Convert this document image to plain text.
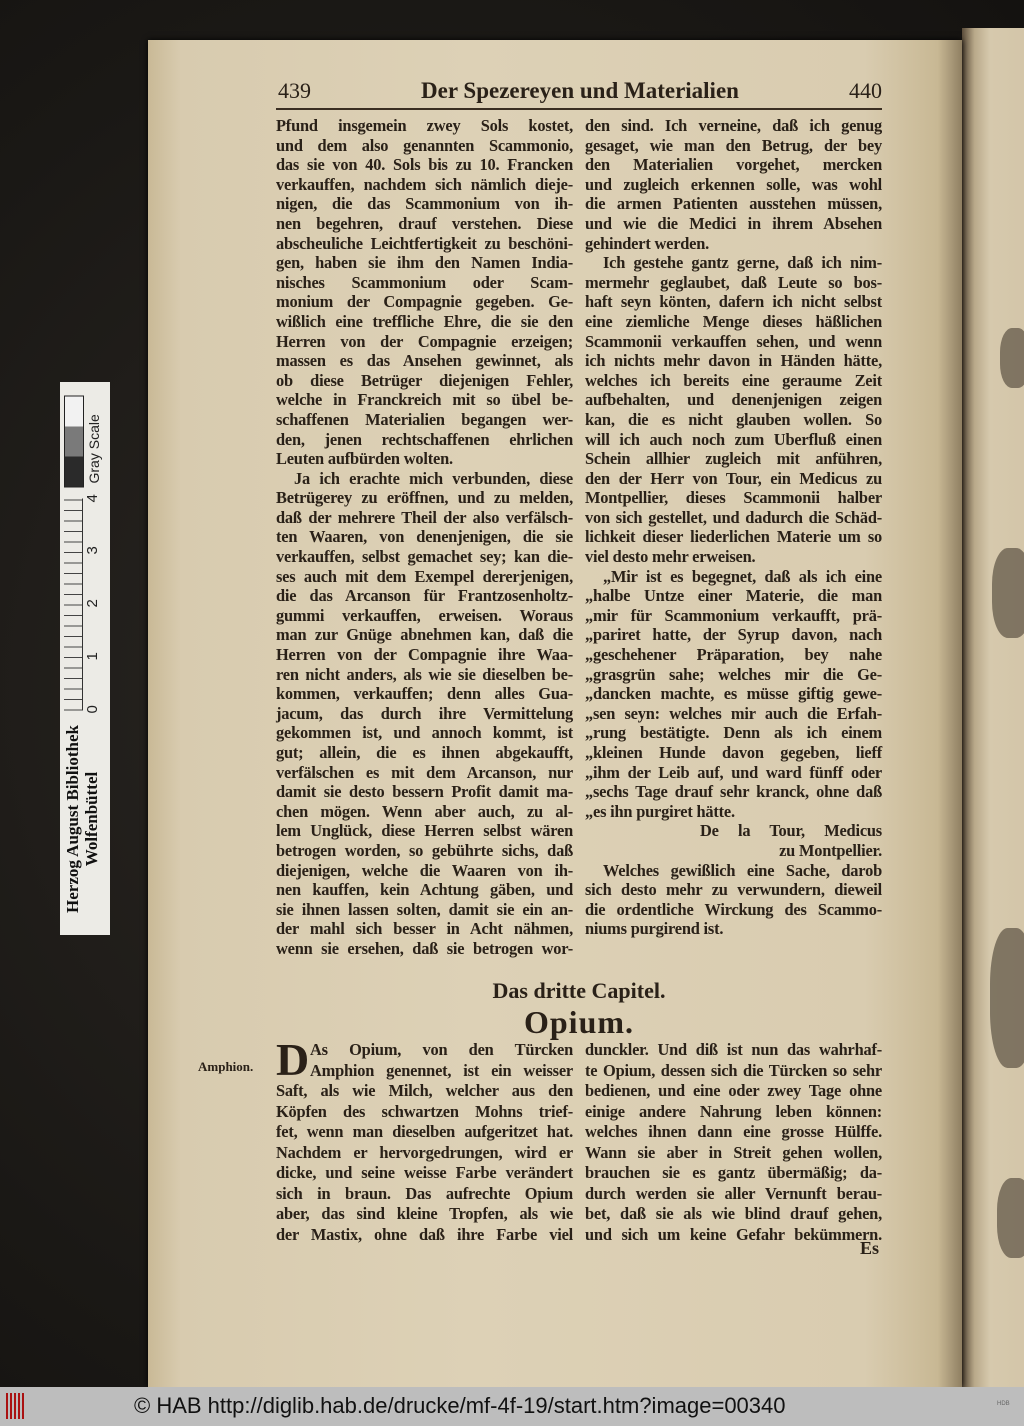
439	Der Spezereyen und Materialien	440
Pfund insgemein zwey Sols kostet,
und dem also genannten Scammonio,
das sie von 40. Sols bis zu 10. Francken
verkauffen, nachdem sich nämlich dieje-
nigen, die das Scammonium von ih-
nen begehren, drauf verstehen. Diese
abscheuliche Leichtfertigkeit zu beschöni-
gen, haben sie ihm den Namen India-
nisches Scammonium oder Scam-
monium der Compagnie gegeben. Ge-
wißlich eine treffliche Ehre, die sie den
Herren von der Compagnie erzeigen;
massen es das Ansehen gewinnet, als
ob diese Betrüger diejenigen Fehler,
welche in Franckreich mit so übel be-
schaffenen Materialien begangen wer-
den, jenen rechtschaffenen ehrlichen
Leuten aufbürden wolten.
Ja ich erachte mich verbunden, diese
Betrügerey zu eröffnen, und zu melden,
daß der mehrere Theil der also verfälsch-
ten Waaren, von denenjenigen, die sie
verkauffen, selbst gemachet sey; kan die-
ses auch mit dem Exempel dererjenigen,
die das Arcanson für Frantzosenholtz-
gummi verkauffen, erweisen. Woraus
man zur Gnüge abnehmen kan, daß die
Herren von der Compagnie ihre Waa-
ren nicht anders, als wie sie dieselben be-
kommen, verkauffen; denn alles Gua-
jacum, das durch ihre Vermittelung
gekommen ist, und annoch kommt, ist
gut; allein, die es ihnen abgekaufft,
verfälschen es mit dem Arcanson, nur
damit sie desto bessern Profit damit ma-
chen mögen. Wenn aber auch, zu al-
lem Unglück, diese Herren selbst wären
betrogen worden, so gebührte sichs, daß
diejenigen, welche die Waaren von ih-
nen kauffen, kein Achtung gäben, und
sie ihnen lassen solten, damit sie ein an-
der mahl sich besser in Acht nähmen,
wenn sie ersehen, daß sie betrogen wor-
den sind. Ich verneine, daß ich genug
gesaget, wie man den Betrug, der bey
den Materialien vorgehet, mercken
und zugleich erkennen solle, was wohl
die armen Patienten ausstehen müssen,
und wie die Medici in ihrem Absehen
gehindert werden.
Ich gestehe gantz gerne, daß ich nim-
mermehr geglaubet, daß Leute so bos-
haft seyn könten, dafern ich nicht selbst
eine ziemliche Menge dieses häßlichen
Scammonii verkauffen sehen, und wenn
ich nichts mehr davon in Händen hätte,
welches ich bereits eine geraume Zeit
aufbehalten, und denenjenigen zeigen
kan, die es nicht glauben wollen. So
will ich auch noch zum Uberfluß einen
Schein allhier zugleich mit anführen,
den der Herr von Tour, ein Medicus zu
Montpellier, dieses Scammonii halber
von sich gestellet, und dadurch die Schäd-
lichkeit dieser liederlichen Materie um so
viel desto mehr erweisen.
„Mir ist es begegnet, daß als ich eine
„halbe Untze einer Materie, die man
„mir für Scammonium verkaufft, prä-
„pariret hatte, der Syrup davon, nach
„geschehener Präparation, bey nahe
„grasgrün sahe; welches mir die Ge-
„dancken machte, es müsse giftig gewe-
„sen seyn: welches mir auch die Erfah-
„rung bestätigte. Denn als ich einem
„kleinen Hunde davon gegeben, lieff
„ihm der Leib auf, und ward fünff oder
„sechs Tage drauf sehr kranck, ohne daß
„es ihn purgiret hätte.
De la Tour, Medicus
zu Montpellier.
Welches gewißlich eine Sache, darob
sich desto mehr zu verwundern, dieweil
die ordentliche Wirckung des Scammo-
niums purgirend ist.
Das dritte Capitel.
Opium.
Amphion. D As Opium, von den Türcken
Amphion genennet, ist ein weisser
Saft, als wie Milch, welcher aus den
Köpfen des schwartzen Mohns trief-
fet, wenn man dieselben aufgeritzet hat.
Nachdem er hervorgedrungen, wird er
dicke, und seine weisse Farbe verändert
sich in braun. Das aufrechte Opium
aber, das sind kleine Tropfen, als wie
der Mastix, ohne daß ihre Farbe viel
dunckler. Und diß ist nun das wahrhaf-
te Opium, dessen sich die Türcken so sehr
bedienen, und eine oder zwey Tage ohne
einige andere Nahrung leben können:
welches ihnen dann eine grosse Hülffe.
Wann sie aber in Streit gehen wollen,
brauchen sie es gantz übermäßig; da-
durch werden sie aller Vernunft berau-
bet, daß sie als wie blind drauf gehen,
und sich um keine Gefahr bekümmern.
Es
Herzog August Bibliothek Wolfenbüttel
0
1
2
3
4
Gray Scale
© HAB http://diglib.hab.de/drucke/mf-4f-19/start.htm?image=00340	HDB
